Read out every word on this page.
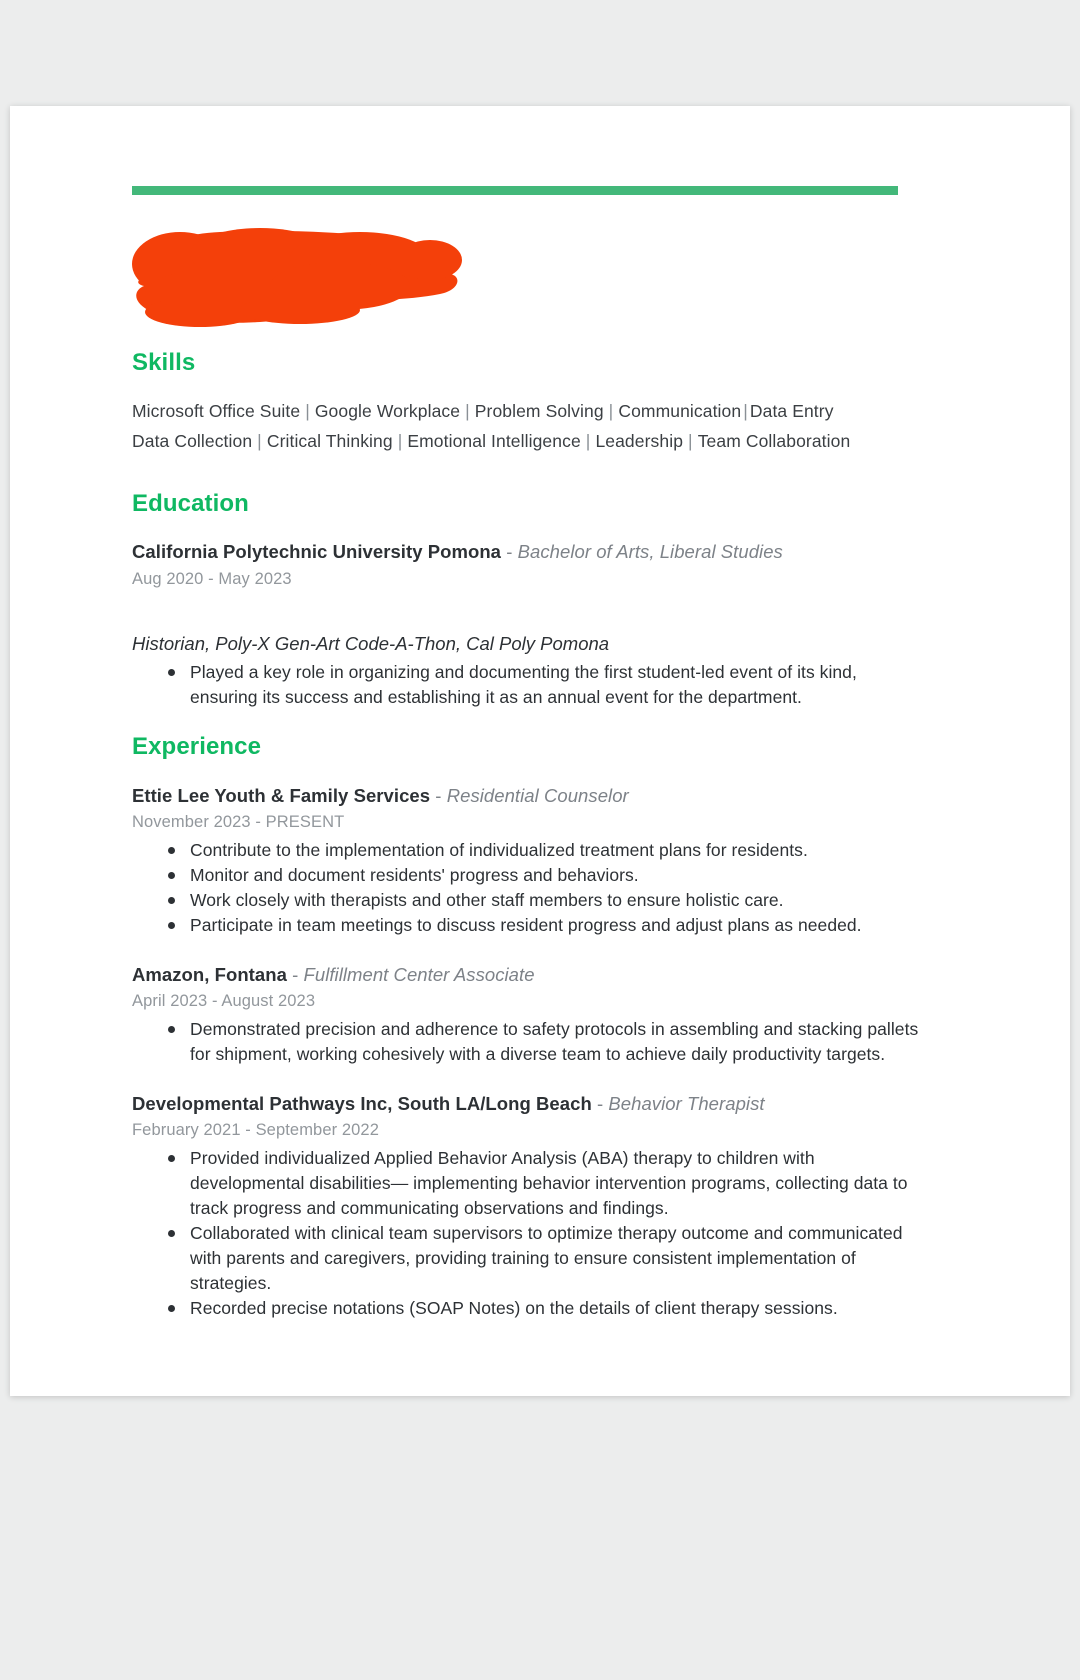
Skills
Microsoft Office Suite | Google Workplace | Problem Solving | Communication | Data Entry
Data Collection | Critical Thinking | Emotional Intelligence | Leadership | Team Collaboration
Education
California Polytechnic University Pomona - Bachelor of Arts, Liberal Studies
Aug 2020 - May 2023
Historian, Poly-X Gen-Art Code-A-Thon, Cal Poly Pomona
Played a key role in organizing and documenting the first student-led event of its kind, ensuring its success and establishing it as an annual event for the department.
Experience
Ettie Lee Youth & Family Services - Residential Counselor
November 2023 - PRESENT
Contribute to the implementation of individualized treatment plans for residents.
Monitor and document residents' progress and behaviors.
Work closely with therapists and other staff members to ensure holistic care.
Participate in team meetings to discuss resident progress and adjust plans as needed.
Amazon, Fontana - Fulfillment Center Associate
April 2023 - August 2023
Demonstrated precision and adherence to safety protocols in assembling and stacking pallets for shipment, working cohesively with a diverse team to achieve daily productivity targets.
Developmental Pathways Inc, South LA/Long Beach - Behavior Therapist
February 2021 - September 2022
Provided individualized Applied Behavior Analysis (ABA) therapy to children with developmental disabilities— implementing behavior intervention programs, collecting data to track progress and communicating observations and findings.
Collaborated with clinical team supervisors to optimize therapy outcome and communicated with parents and caregivers, providing training to ensure consistent implementation of strategies.
Recorded precise notations (SOAP Notes) on the details of client therapy sessions.
